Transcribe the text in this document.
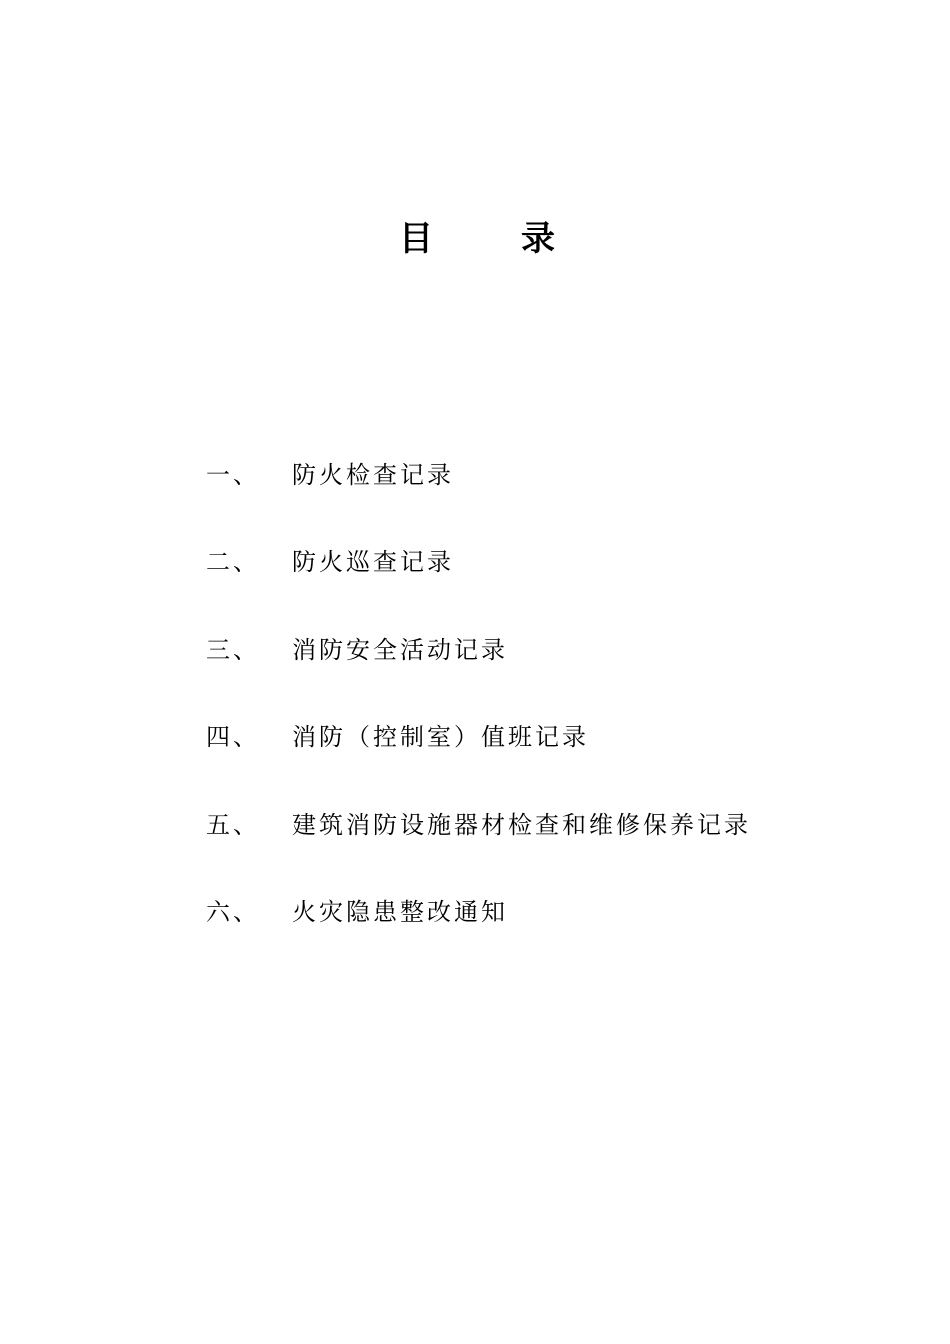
目	录
一、	防火检查记录
二、	防火巡查记录
三、	消防安全活动记录
四、	消防（控制室）值班记录
五、	建筑消防设施器材检查和维修保养记录
六、	火灾隐患整改通知
